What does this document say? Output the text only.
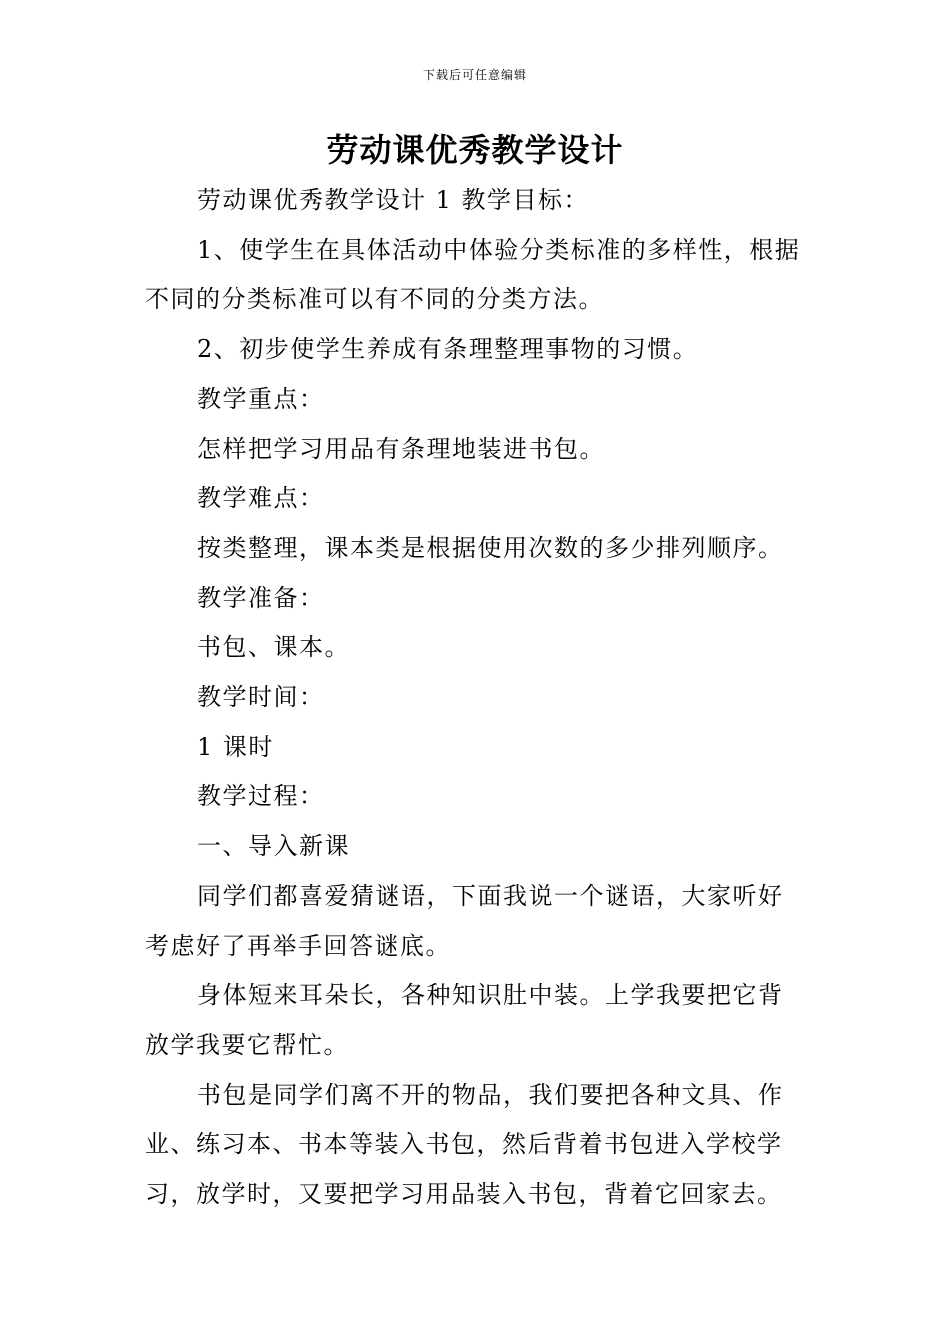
下载后可任意编辑
劳动课优秀教学设计

劳动课优秀教学设计 1 教学目标：

1、使学生在具体活动中体验分类标准的多样性，根据不同的分类标准可以有不同的分类方法。

2、初步使学生养成有条理整理事物的习惯。

教学重点：

怎样把学习用品有条理地装进书包。

教学难点：

按类整理，课本类是根据使用次数的多少排列顺序。

教学准备：

书包、课本。

教学时间：

1 课时

教学过程：

一、导入新课

同学们都喜爱猜谜语，下面我说一个谜语，大家听好考虑好了再举手回答谜底。

身体短来耳朵长，各种知识肚中装。上学我要把它背放学我要它帮忙。

书包是同学们离不开的物品，我们要把各种文具、作业、练习本、书本等装入书包，然后背着书包进入学校学习，放学时，又要把学习用品装入书包，背着它回家去。
